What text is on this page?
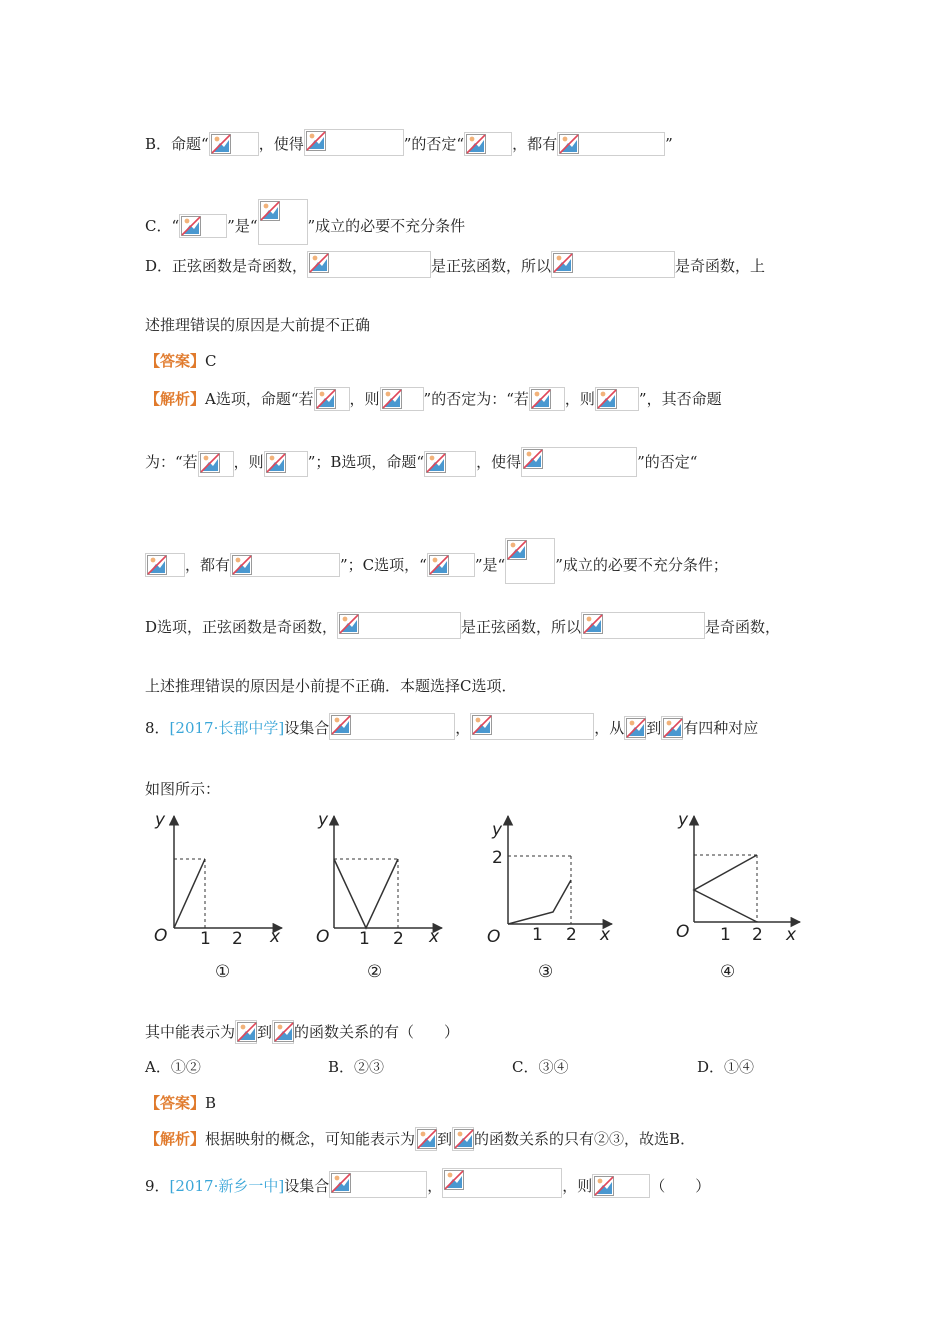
B．命题“	，使得	”的否定“	，都有	”
C．“	”是“	”成立的必要不充分条件
D．正弦函数是奇函数，	是正弦函数，所以	是奇函数，上
述推理错误的原因是大前提不正确
【答案】C
【解析】A选项，命题“若 ，则	”的否定为：“若 ，则	”，其否命题
为：“若 ，则	”；B选项，命题“	，使得	”的否定“
，都有	”；C选项，“	”是“	”成立的必要不充分条件；
D选项，正弦函数是奇函数，	是正弦函数，所以	是奇函数，
上述推理错误的原因是小前提不正确．本题选择C选项．
8．[2017·长郡中学]设集合	，	，从 到 有四种对应
如图所示：
y
O 1 2 x
①
y
O 1 2 x
②
y
2
O 1 2 x
③
y
O 1 2 x
④
其中能表示为 到 的函数关系的有（　　）
A．①②	B．②③	C．③④	D．①④
【答案】B
【解析】根据映射的概念，可知能表示为 到 的函数关系的只有②③，故选B．
9．[2017·新乡一中]设集合	，	，则	（　　）
